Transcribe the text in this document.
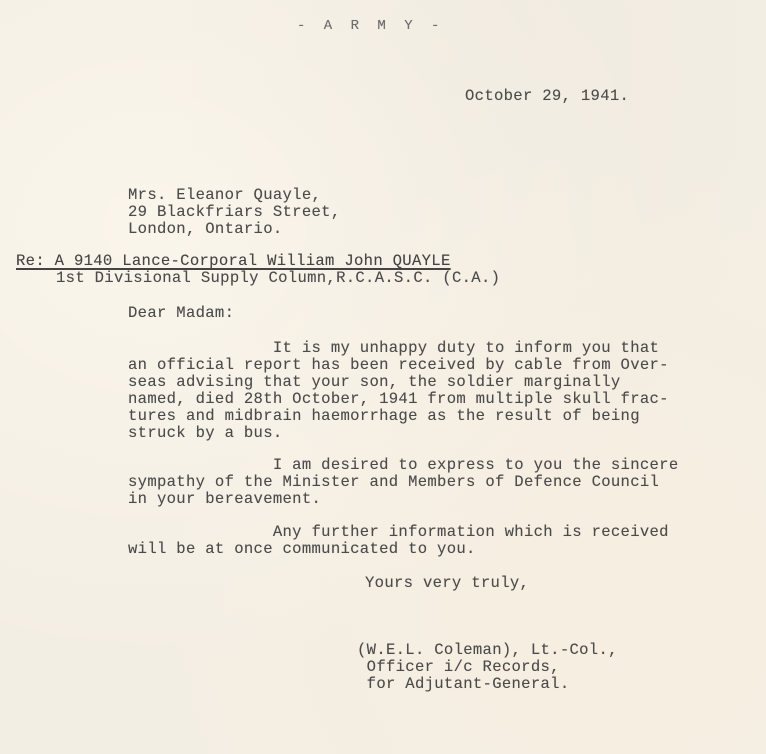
- A R M Y -
October 29, 1941.
Mrs. Eleanor Quayle,
29 Blackfriars Street,
London, Ontario.
Re: A 9140 Lance-Corporal William John QUAYLE
1st Divisional Supply Column,R.C.A.S.C. (C.A.)
Dear Madam:
It is my unhappy duty to inform you that
an official report has been received by cable from Over-
seas advising that your son, the soldier marginally
named, died 28th October, 1941 from multiple skull frac-
tures and midbrain haemorrhage as the result of being
struck by a bus.
I am desired to express to you the sincere
sympathy of the Minister and Members of Defence Council
in your bereavement.
Any further information which is received
will be at once communicated to you.
Yours very truly,
(W.E.L. Coleman), Lt.-Col.,
Officer i/c Records,
for Adjutant-General.
